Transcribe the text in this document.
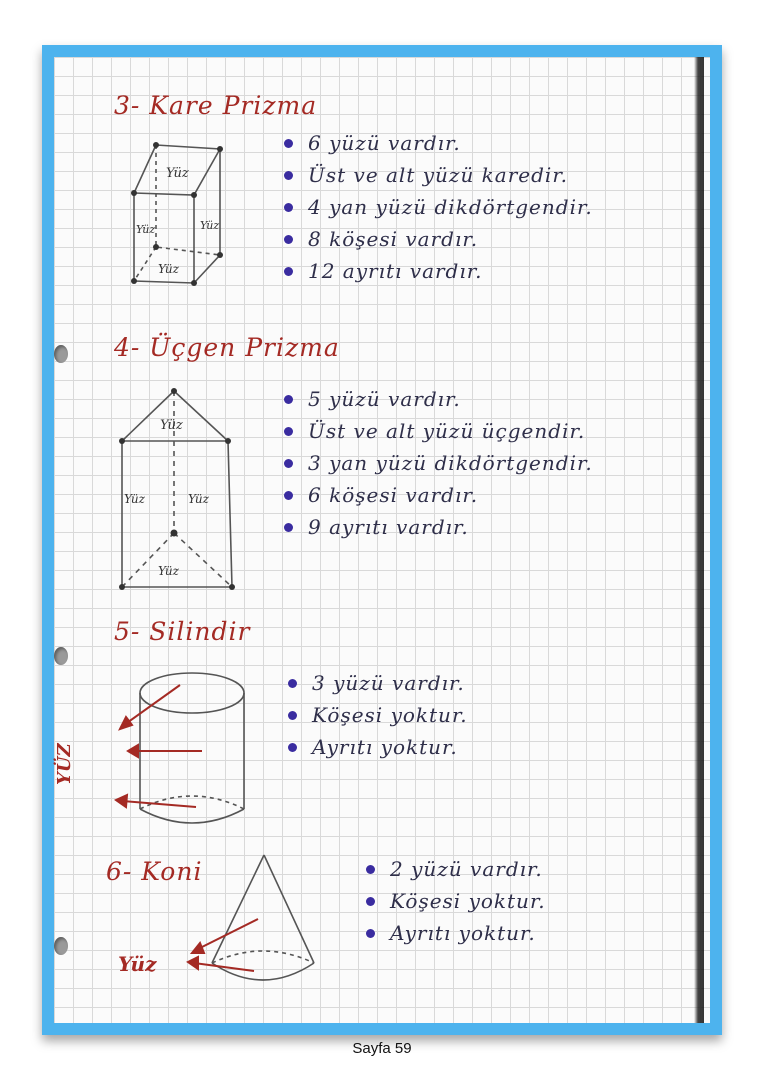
3- Kare Prizma
Yüz
Yüz	Yüz
Yüz
6 yüzü vardır.
Üst ve alt yüzü karedir.
4 yan yüzü dikdörtgendir.
8 köşesi vardır.
12 ayrıtı vardır.
4- Üçgen Prizma
Yüz
Yüz	Yüz
Yüz
5 yüzü vardır.
Üst ve alt yüzü üçgendir.
3 yan yüzü dikdörtgendir.
6 köşesi vardır.
9 ayrıtı vardır.
5- Silindir
YÜZ
3 yüzü vardır.
Köşesi yoktur.
Ayrıtı yoktur.
6- Koni
Yüz
2 yüzü vardır.
Köşesi yoktur.
Ayrıtı yoktur.
Sayfa 59
